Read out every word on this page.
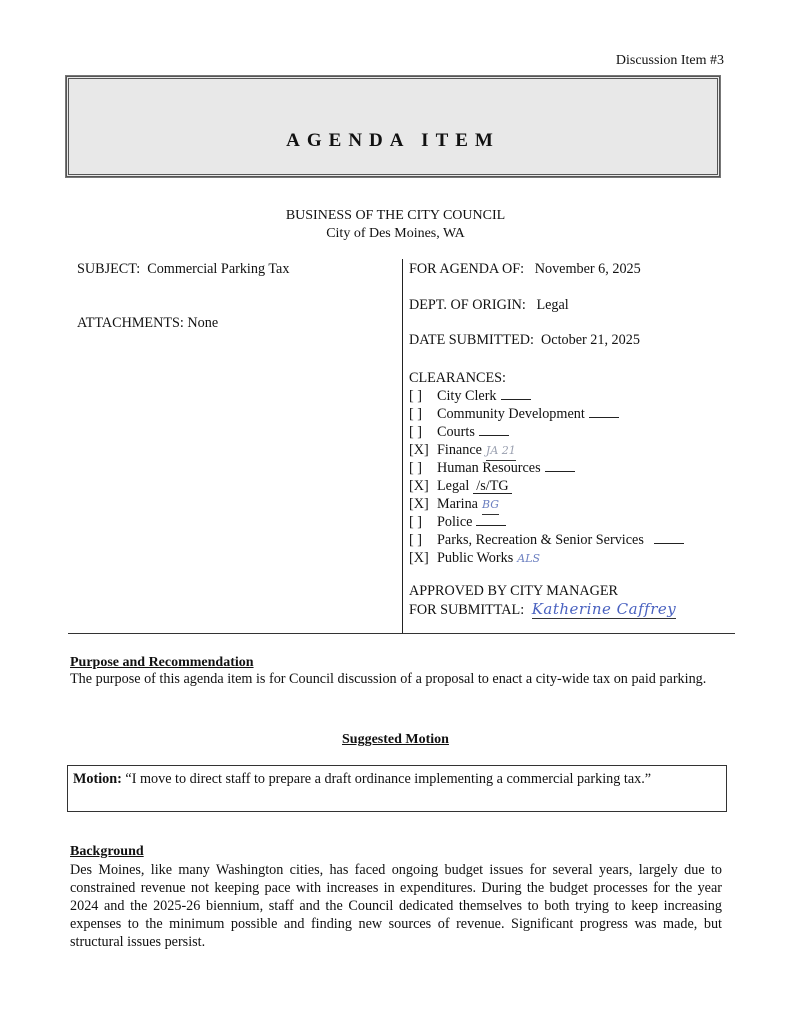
Discussion Item #3
AGENDA ITEM
BUSINESS OF THE CITY COUNCIL
City of Des Moines, WA
SUBJECT: Commercial Parking Tax
ATTACHMENTS: None
FOR AGENDA OF: November 6, 2025
DEPT. OF ORIGIN: Legal
DATE SUBMITTED: October 21, 2025
CLEARANCES:
[ ]	City Clerk
[ ]	Community Development
[ ]	Courts
[X] Finance JA 21
[ ]	Human Resources
[X] Legal /s/TG
[X] Marina BG
[ ]	Police
[ ]	Parks, Recreation & Senior Services
[X] Public Works ALS
APPROVED BY CITY MANAGER
FOR SUBMITTAL: Katherine Caffrey
Purpose and Recommendation
The purpose of this agenda item is for Council discussion of a proposal to enact a city-wide tax on paid parking.
Suggested Motion
Motion: “I move to direct staff to prepare a draft ordinance implementing a commercial parking tax.”
Background
Des Moines, like many Washington cities, has faced ongoing budget issues for several years, largely due to constrained revenue not keeping pace with increases in expenditures. During the budget processes for the year 2024 and the 2025-26 biennium, staff and the Council dedicated themselves to both trying to keep increasing expenses to the minimum possible and finding new sources of revenue. Significant progress was made, but structural issues persist.
